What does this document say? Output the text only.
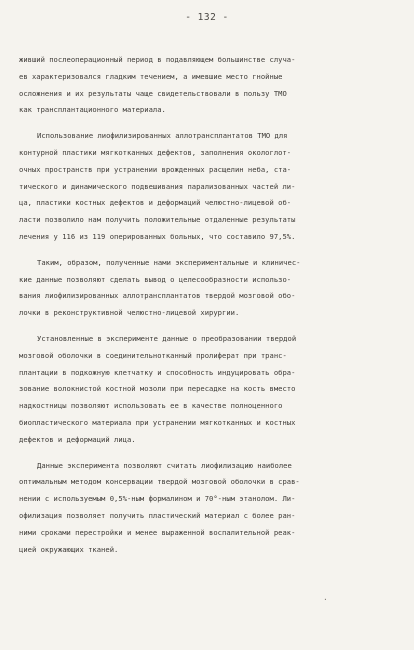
- 132 -
живший послеоперационный период в подавляющем большинстве случа-
ев характеризовался гладким течением, а имевшие место гнойные
осложнения и их результаты чаще свидетельствовали в пользу ТМО
как трансплантационного материала.
Использование лиофилизированных аллотрансплантатов ТМО для
контурной пластики мягкотканных дефектов, заполнения окологлот-
очных пространств при устранении врожденных расщелин неба, ста-
тического и динамического подвешивания парализованных частей ли-
ца, пластики костных дефектов и деформаций челюстно-лицевой об-
ласти позволило нам получить положительные отдаленные результаты
лечения у 116 из 119 оперированных больных, что составило 97,5%.
Таким, образом, полученные нами экспериментальные и клиничес-
кие данные позволяют сделать вывод о целесообразности использо-
вания лиофилизированных аллотрансплантатов твердой мозговой обо-
лочки в реконструктивной челюстно-лицевой хирургии.
Установленные в эксперименте данные о преобразовании твердой
мозговой оболочки в соединительнотканный пролиферат при транс-
плантации в подкожную клетчатку и способность индуцировать обра-
зование волокнистой костной мозоли при пересадке на кость вместо
надкостницы позволяют использовать ее в качестве полноценного
биопластического материала при устранении мягкотканных и костных
дефектов и деформаций лица.
Данные эксперимента позволяют считать лиофилизацию наиболее
оптимальным методом консервации твердой мозговой оболочки в срав-
нении с используемым 0,5%-ным формалином и 70°-ным этанолом. Ли-
офилизация позволяет получить пластический материал с более ран-
ними сроками перестройки и менее выраженной воспалительной реак-
цией окружающих тканей.
.
